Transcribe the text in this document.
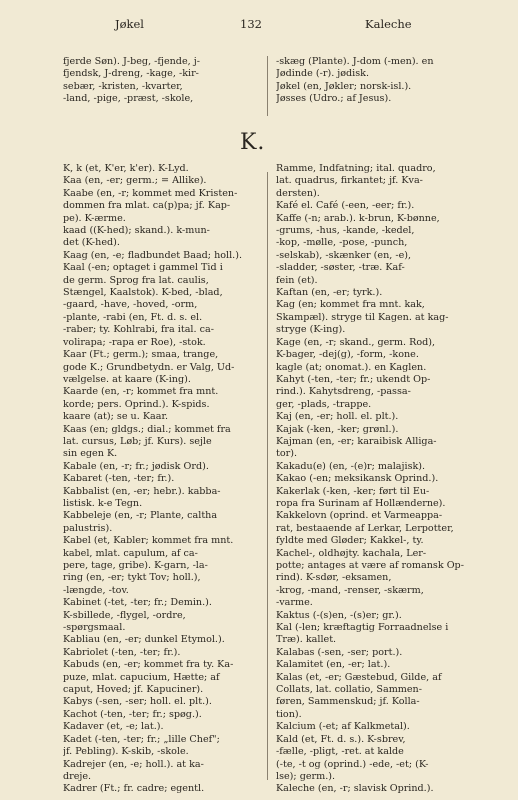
Jøkel	132	Kaleche

fjerde Søn). J-beg, -fjende, j-

fjendsk, J-dreng, -kage, -kir-

sebær, -kristen, -kvarter,

-land, -pige, -præst, -skole,

-skæg (Plante). J-dom (-men). en

Jødinde (-r). jødisk.

Jøkel (en, Jøkler; norsk-isl.).

Jøsses (Udro.; af Jesus).

K.

K, k (et, K'er, k'er). K-Lyd.

Kaa (en, -er; germ.; = Allike).

Kaabe (en, -r; kommet med Kristen-

dommen fra mlat. ca(p)pa; jf. Kap-

pe). K-ærme.

kaad ((K-hed); skand.). k-mun-

det (K-hed).

Kaag (en, -e; fladbundet Baad; holl.).

Kaal (-en; optaget i gammel Tid i

de germ. Sprog fra lat. caulis,

Stængel, Kaalstok). K-bed, -blad,

-gaard, -have, -hoved, -orm,

-plante, -rabi (en, Ft. d. s. el.

-raber; ty. Kohlrabi, fra ital. ca-

volirapa; -rapa er Roe), -stok.

Kaar (Ft.; germ.); smaa, trange,

gode K.; Grundbetydn. er Valg, Ud-

vælgelse. at kaare (K-ing).

Kaarde (en, -r; kommet fra mnt.

korde; pers. Oprind.). K-spids.

kaare (at); se u. Kaar.

Kaas (en; gldgs.; dial.; kommet fra

lat. cursus, Løb; jf. Kurs). sejle

sin egen K.

Kabale (en, -r; fr.; jødisk Ord).

Kabaret (-ten, -ter; fr.).

Kabbalist (en, -er; hebr.). kabba-

listisk. k-e Tegn.

Kabbeleje (en, -r; Plante, caltha

palustris).

Kabel (et, Kabler; kommet fra mnt.

kabel, mlat. capulum, af ca-

pere, tage, gribe). K-garn, -la-

ring (en, -er; tykt Tov; holl.),

-længde, -tov.

Kabinet (-tet, -ter; fr.; Demin.).

K-sbillede, -flygel, -ordre,

-spørgsmaal.

Kabliau (en, -er; dunkel Etymol.).

Kabriolet (-ten, -ter; fr.).

Kabuds (en, -er; kommet fra ty. Ka-

puze, mlat. capucium, Hætte; af

caput, Hoved; jf. Kapuciner).

Kabys (-sen, -ser; holl. el. plt.).

Kachot (-ten, -ter; fr.; spøg.).

Kadaver (et, -e; lat.).

Kadet (-ten, -ter; fr.; „lille Chef";

jf. Pebling). K-skib, -skole.

Kadrejer (en, -e; holl.). at ka-

dreje.

Kadrer (Ft.; fr. cadre; egentl.

Ramme, Indfatning; ital. quadro,

lat. quadrus, firkantet; jf. Kva-

dersten).

Kafé el. Café (-een, -eer; fr.).

Kaffe (-n; arab.). k-brun, K-bønne,

-grums, -hus, -kande, -kedel,

-kop, -mølle, -pose, -punch,

-selskab), -skænker (en, -e),

-sladder, -søster, -træ. Kaf-

fein (et).

Kaftan (en, -er; tyrk.).

Kag (en; kommet fra mnt. kak,

Skampæl). stryge til Kagen. at kag-

stryge (K-ing).

Kage (en, -r; skand., germ. Rod),

K-bager, -dej(g), -form, -kone.

kagle (at; onomat.). en Kaglen.

Kahyt (-ten, -ter; fr.; ukendt Op-

rind.). Kahytsdreng, -passa-

ger, -plads, -trappe.

Kaj (en, -er; holl. el. plt.).

Kajak (-ken, -ker; grønl.).

Kajman (en, -er; karaibisk Alliga-

tor).

Kakadu(e) (en, -(e)r; malajisk).

Kakao (-en; meksikansk Oprind.).

Kakerlak (-ken, -ker; ført til Eu-

ropa fra Surinam af Hollænderne).

Kakkelovn (oprind. et Varmeappa-

rat, bestaaende af Lerkar, Lerpotter,

fyldte med Gløder; Kakkel-, ty.

Kachel-, oldhøjty. kachala, Ler-

potte; antages at være af romansk Op-

rind). K-sdør, -eksamen,

-krog, -mand, -renser, -skærm,

-varme.

Kaktus (-(s)en, -(s)er; gr.).

Kal (-len; kræftagtig Forraadnelse i

Træ). kallet.

Kalabas (-sen, -ser; port.).

Kalamitet (en, -er; lat.).

Kalas (et, -er; Gæstebud, Gilde, af

Collats, lat. collatio, Sammen-

føren, Sammenskud; jf. Kolla-

tion).

Kalcium (-et; af Kalkmetal).

Kald (et, Ft. d. s.). K-sbrev,

-fælle, -pligt, -ret. at kalde

(-te, -t og (oprind.) -ede, -et; (K-

lse); germ.).

Kaleche (en, -r; slavisk Oprind.).
